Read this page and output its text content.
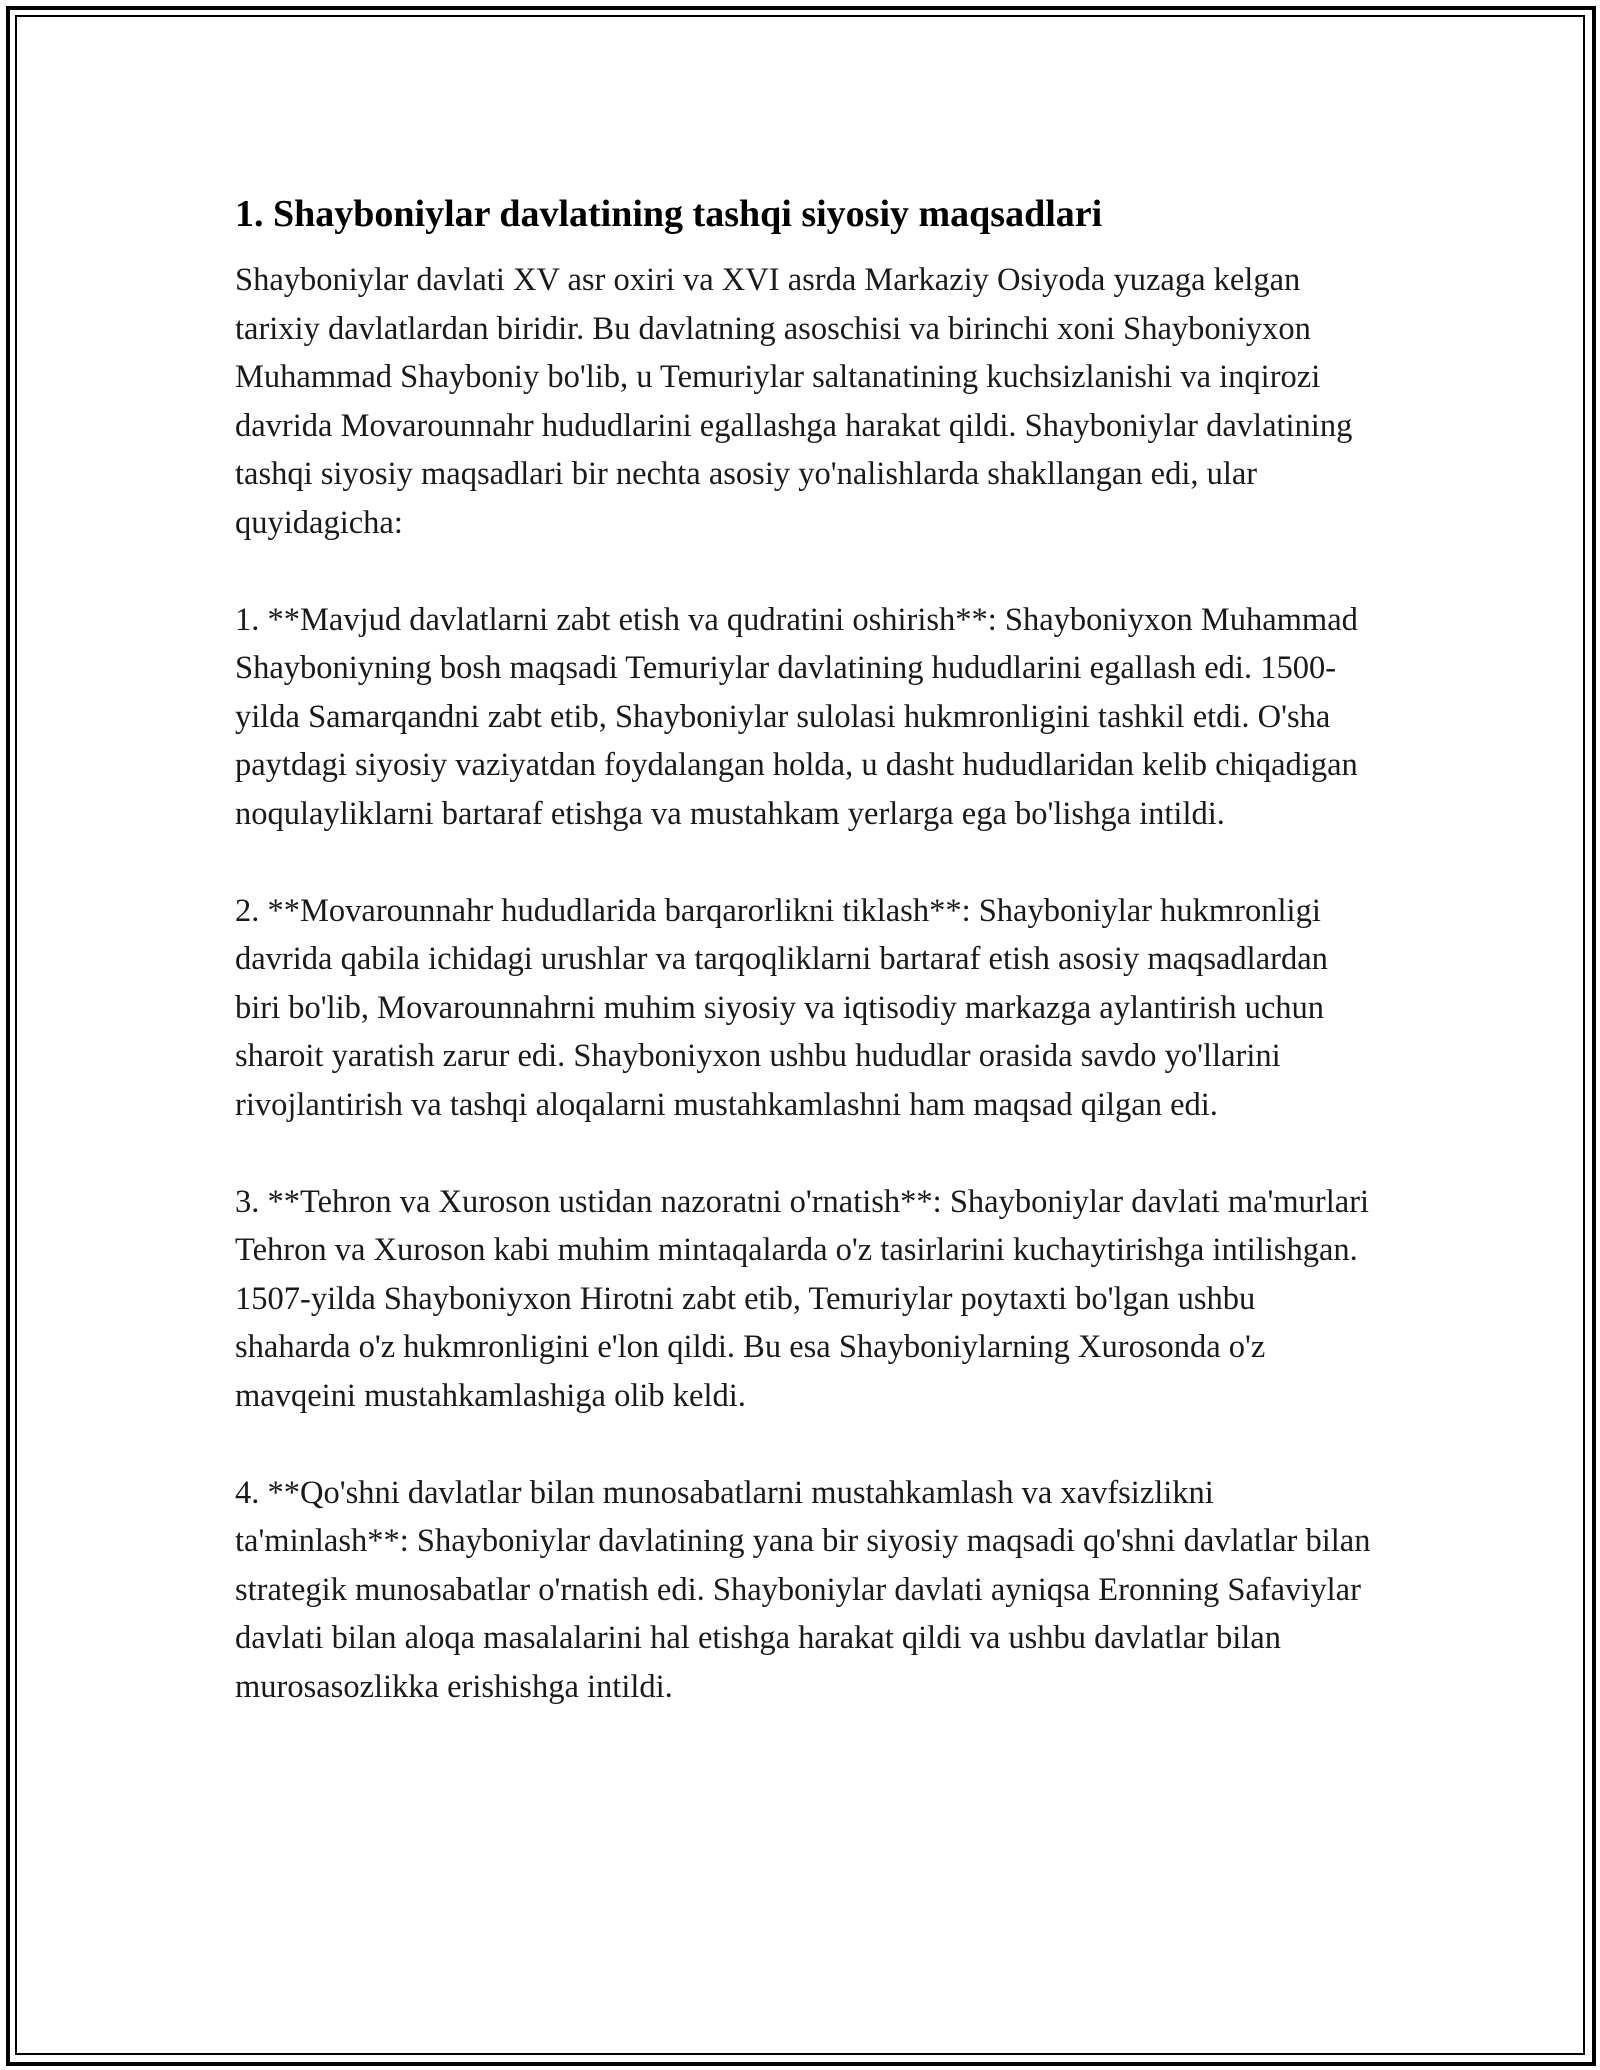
1. Shayboniylar davlatining tashqi siyosiy maqsadlari

Shayboniylar davlati XV asr oxiri va XVI asrda Markaziy Osiyoda yuzaga kelgan tarixiy davlatlardan biridir. Bu davlatning asoschisi va birinchi xoni Shayboniyxon Muhammad Shayboniy bo'lib, u Temuriylar saltanatining kuchsizlanishi va inqirozi davrida Movarounnahr hududlarini egallashga harakat qildi. Shayboniylar davlatining tashqi siyosiy maqsadlari bir nechta asosiy yo'nalishlarda shakllangan edi, ular quyidagicha:

1. **Mavjud davlatlarni zabt etish va qudratini oshirish**: Shayboniyxon Muhammad Shayboniyning bosh maqsadi Temuriylar davlatining hududlarini egallash edi. 1500-yilda Samarqandni zabt etib, Shayboniylar sulolasi hukmronligini tashkil etdi. O'sha paytdagi siyosiy vaziyatdan foydalangan holda, u dasht hududlaridan kelib chiqadigan noqulayliklarni bartaraf etishga va mustahkam yerlarga ega bo'lishga intildi.

2. **Movarounnahr hududlarida barqarorlikni tiklash**: Shayboniylar hukmronligi davrida qabila ichidagi urushlar va tarqoqliklarni bartaraf etish asosiy maqsadlardan biri bo'lib, Movarounnahrni muhim siyosiy va iqtisodiy markazga aylantirish uchun sharoit yaratish zarur edi. Shayboniyxon ushbu hududlar orasida savdo yo'llarini rivojlantirish va tashqi aloqalarni mustahkamlashni ham maqsad qilgan edi.

3. **Tehron va Xuroson ustidan nazoratni o'rnatish**: Shayboniylar davlati ma'murlari Tehron va Xuroson kabi muhim mintaqalarda o'z tasirlarini kuchaytirishga intilishgan. 1507-yilda Shayboniyxon Hirotni zabt etib, Temuriylar poytaxti bo'lgan ushbu shaharda o'z hukmronligini e'lon qildi. Bu esa Shayboniylarning Xurosonda o'z mavqeini mustahkamlashiga olib keldi.

4. **Qo'shni davlatlar bilan munosabatlarni mustahkamlash va xavfsizlikni ta'minlash**: Shayboniylar davlatining yana bir siyosiy maqsadi qo'shni davlatlar bilan strategik munosabatlar o'rnatish edi. Shayboniylar davlati ayniqsa Eronning Safaviylar davlati bilan aloqa masalalarini hal etishga harakat qildi va ushbu davlatlar bilan murosasozlikka erishishga intildi.
